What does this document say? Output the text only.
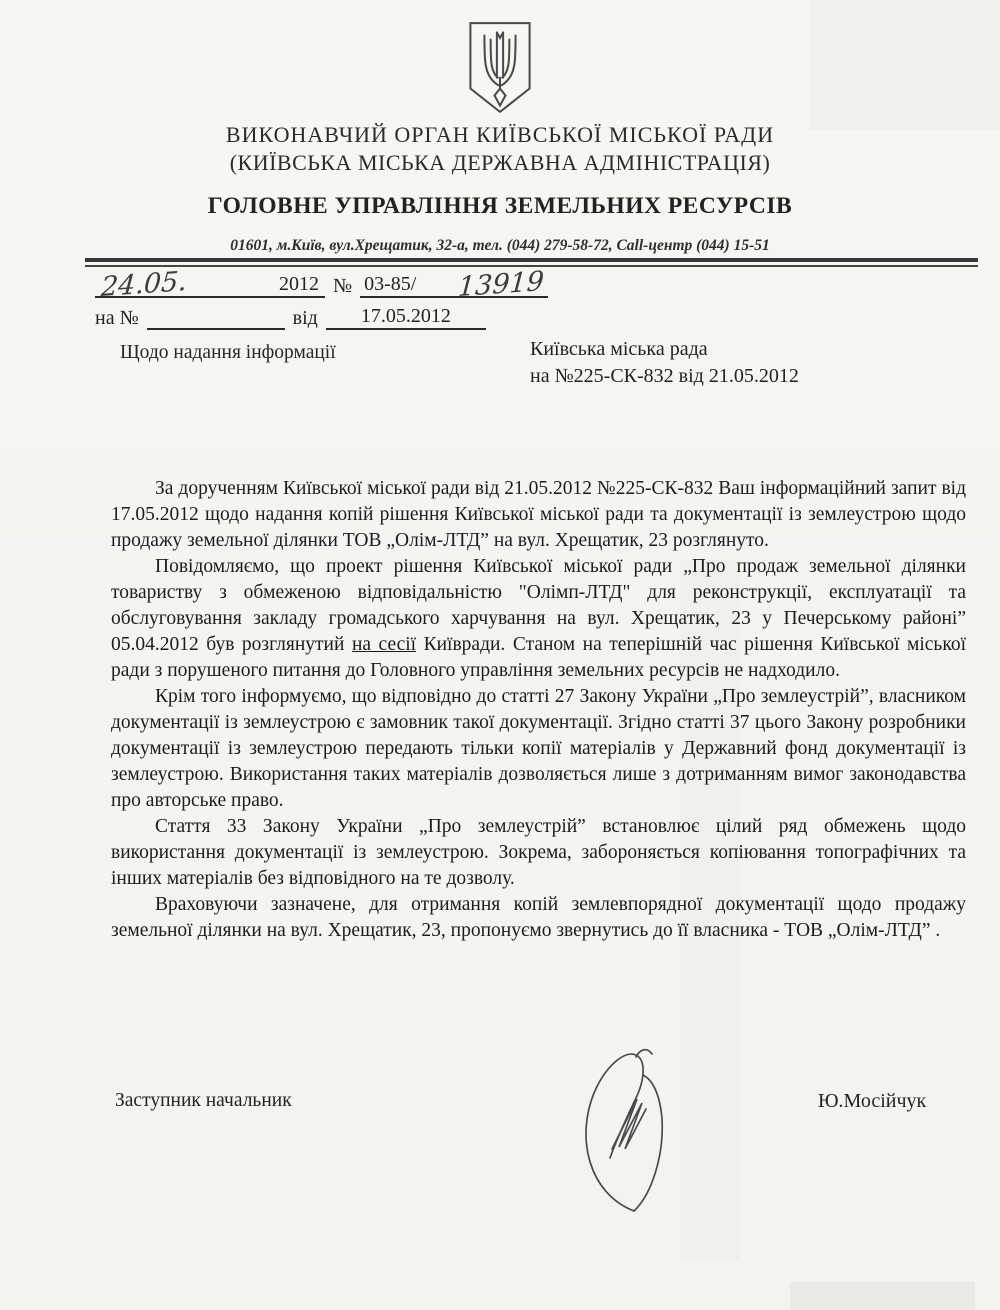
ВИКОНАВЧИЙ ОРГАН КИЇВСЬКОЇ МІСЬКОЇ РАДИ
(КИЇВСЬКА МІСЬКА ДЕРЖАВНА АДМІНІСТРАЦІЯ)
ГОЛОВНЕ УПРАВЛІННЯ ЗЕМЕЛЬНИХ РЕСУРСІВ
01601, м.Київ, вул.Хрещатик, 32-а, тел. (044) 279-58-72, Call-центр (044) 15-51
24.05.	2012 № 03-85/ 13919
на №	від	17.05.2012
Щодо надання інформації	Київська міська рада
на №225-СК-832 від 21.05.2012

За дорученням Київської міської ради від 21.05.2012 №225-СК-832 Ваш інформаційний запит від 17.05.2012 щодо надання копій рішення Київської міської ради та документації із землеустрою щодо продажу земельної ділянки ТОВ „Олім-ЛТД” на вул. Хрещатик, 23 розглянуто.

Повідомляємо, що проект рішення Київської міської ради „Про продаж земельної ділянки товариству з обмеженою відповідальністю "Олімп-ЛТД" для реконструкції, експлуатації та обслуговування закладу громадського харчування на вул. Хрещатик, 23 у Печерському районі” 05.04.2012 був розглянутий на сесії Київради. Станом на теперішній час рішення Київської міської ради з порушеного питання до Головного управління земельних ресурсів не надходило.

Крім того інформуємо, що відповідно до статті 27 Закону України „Про землеустрій”, власником документації із землеустрою є замовник такої документації. Згідно статті 37 цього Закону розробники документації із землеустрою передають тільки копії матеріалів у Державний фонд документації із землеустрою. Використання таких матеріалів дозволяється лише з дотриманням вимог законодавства про авторське право.

Стаття 33 Закону України „Про землеустрій” встановлює цілий ряд обмежень щодо використання документації із землеустрою. Зокрема, забороняється копіювання топографічних та інших матеріалів без відповідного на те дозволу.

Враховуючи зазначене, для отримання копій землевпорядної документації щодо продажу земельної ділянки на вул. Хрещатик, 23, пропонуємо звернутись до її власника - ТОВ „Олім-ЛТД” .

Заступник начальник	Ю.Мосійчук
